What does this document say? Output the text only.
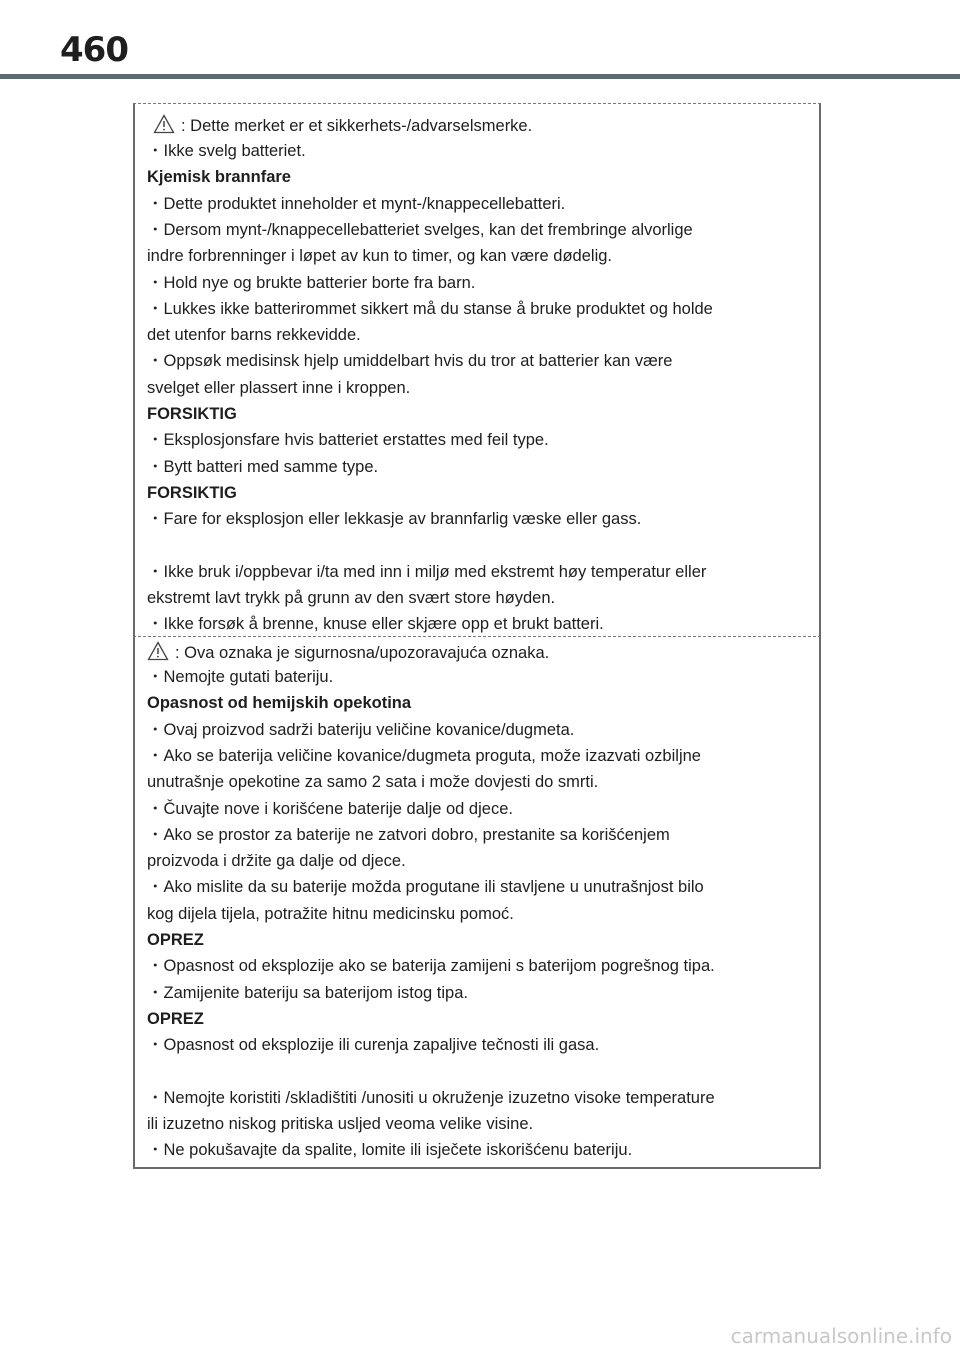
460

: Dette merket er et sikkerhets-/advarselsmerke.

・Ikke svelg batteriet.

Kjemisk brannfare

・Dette produktet inneholder et mynt-/knappecellebatteri.

・Dersom mynt-/knappecellebatteriet svelges, kan det frembringe alvorlige

indre forbrenninger i løpet av kun to timer, og kan være dødelig.

・Hold nye og brukte batterier borte fra barn.

・Lukkes ikke batterirommet sikkert må du stanse å bruke produktet og holde

det utenfor barns rekkevidde.

・Oppsøk medisinsk hjelp umiddelbart hvis du tror at batterier kan være

svelget eller plassert inne i kroppen.

FORSIKTIG

・Eksplosjonsfare hvis batteriet erstattes med feil type.

・Bytt batteri med samme type.

FORSIKTIG

・Fare for eksplosjon eller lekkasje av brannfarlig væske eller gass.

・Ikke bruk i/oppbevar i/ta med inn i miljø med ekstremt høy temperatur eller

ekstremt lavt trykk på grunn av den svært store høyden.

・Ikke forsøk å brenne, knuse eller skjære opp et brukt batteri.

: Ova oznaka je sigurnosna/upozoravajuća oznaka.

・Nemojte gutati bateriju.

Opasnost od hemijskih opekotina

・Ovaj proizvod sadrži bateriju veličine kovanice/dugmeta.

・Ako se baterija veličine kovanice/dugmeta proguta, može izazvati ozbiljne

unutrašnje opekotine za samo 2 sata i može dovjesti do smrti.

・Čuvajte nove i korišćene baterije dalje od djece.

・Ako se prostor za baterije ne zatvori dobro, prestanite sa korišćenjem

proizvoda i držite ga dalje od djece.

・Ako mislite da su baterije možda progutane ili stavljene u unutrašnjost bilo

kog dijela tijela, potražite hitnu medicinsku pomoć.

OPREZ

・Opasnost od eksplozije ako se baterija zamijeni s baterijom pogrešnog tipa.

・Zamijenite bateriju sa baterijom istog tipa.

OPREZ

・Opasnost od eksplozije ili curenja zapaljive tečnosti ili gasa.

・Nemojte koristiti /skladištiti /unositi u okruženje izuzetno visoke temperature

ili izuzetno niskog pritiska usljed veoma velike visine.

・Ne pokušavajte da spalite, lomite ili isječete iskorišćenu bateriju.

carmanualsonline.info
